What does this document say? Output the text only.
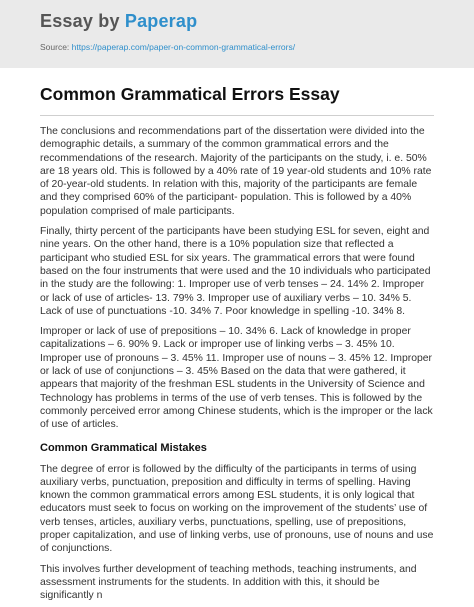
Essay by Paperap
Source: https://paperap.com/paper-on-common-grammatical-errors/
Common Grammatical Errors Essay

The conclusions and recommendations part of the dissertation were divided into the demographic details, a summary of the common grammatical errors and the recommendations of the research. Majority of the participants on the study, i. e. 50% are 18 years old. This is followed by a 40% rate of 19 year-old students and 10% rate of 20-year-old students. In relation with this, majority of the participants are female and they comprised 60% of the participant- population. This is followed by a 40% population comprised of male participants.

Finally, thirty percent of the participants have been studying ESL for seven, eight and nine years. On the other hand, there is a 10% population size that reflected a participant who studied ESL for six years. The grammatical errors that were found based on the four instruments that were used and the 10 individuals who participated in the study are the following: 1. Improper use of verb tenses – 24. 14% 2. Improper or lack of use of articles- 13. 79% 3. Improper use of auxiliary verbs – 10. 34% 5. Lack of use of punctuations -10. 34% 7. Poor knowledge in spelling -10. 34% 8.

Improper or lack of use of prepositions – 10. 34% 6. Lack of knowledge in proper capitalizations – 6. 90% 9. Lack or improper use of linking verbs – 3. 45% 10. Improper use of pronouns – 3. 45% 11. Improper use of nouns – 3. 45% 12. Improper or lack of use of conjunctions – 3. 45% Based on the data that were gathered, it appears that majority of the freshman ESL students in the University of Science and Technology has problems in terms of the use of verb tenses. This is followed by the commonly perceived error among Chinese students, which is the improper or the lack of use of articles.

Common Grammatical Mistakes

The degree of error is followed by the difficulty of the participants in terms of using auxiliary verbs, punctuation, preposition and difficulty in terms of spelling. Having known the common grammatical errors among ESL students, it is only logical that educators must seek to focus on working on the improvement of the students’ use of verb tenses, articles, auxiliary verbs, punctuations, spelling, use of prepositions, proper capitalization, and use of linking verbs, use of pronouns, use of nouns and use of conjunctions.

This involves further development of teaching methods, teaching instruments, and assessment instruments for the students. In addition with this, it should be significantly n
